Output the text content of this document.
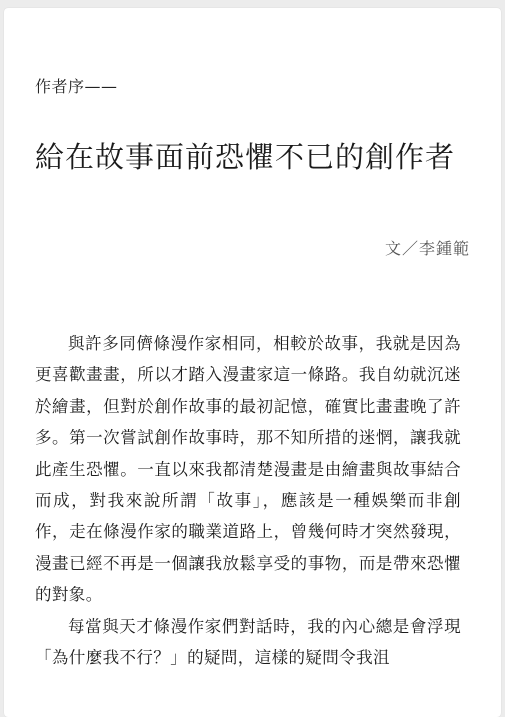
作者序——
給在故事面前恐懼不已的創作者
文／李鍾範

與許多同儕條漫作家相同，相較於故事，我就是因為更喜歡畫畫，所以才踏入漫畫家這一條路。我自幼就沉迷於繪畫，但對於創作故事的最初記憶，確實比畫畫晚了許多。第一次嘗試創作故事時，那不知所措的迷惘，讓我就此產生恐懼。一直以來我都清楚漫畫是由繪畫與故事結合而成，對我來說所謂「故事」，應該是一種娛樂而非創作，走在條漫作家的職業道路上，曾幾何時才突然發現，漫畫已經不再是一個讓我放鬆享受的事物，而是帶來恐懼的對象。

每當與天才條漫作家們對話時，我的內心總是會浮現「為什麼我不行？」的疑問，這樣的疑問令我沮
